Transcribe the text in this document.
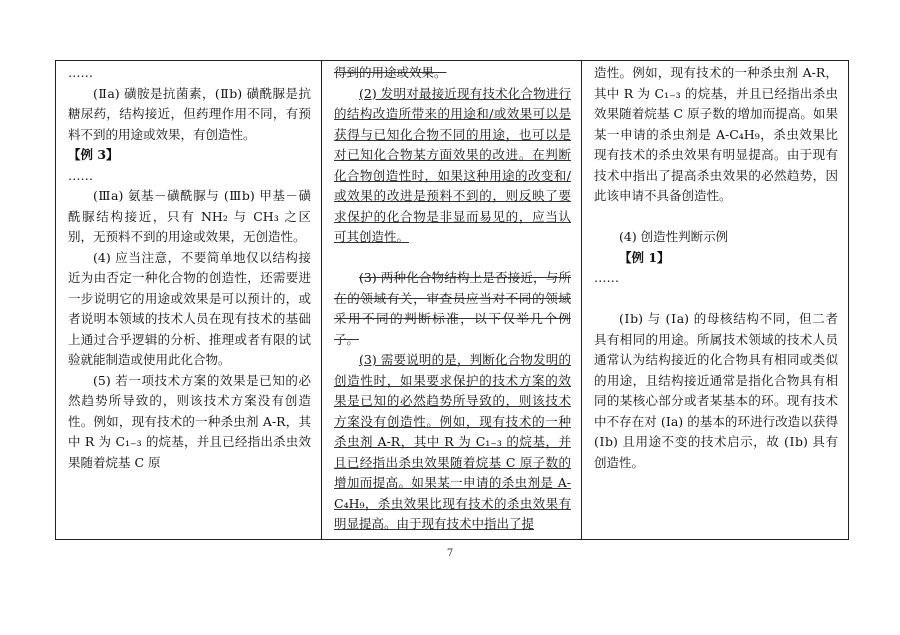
……

(Ⅱa) 磺胺是抗菌素，(Ⅱb) 磺酰脲是抗糖尿药，结构接近，但药理作用不同，有预料不到的用途或效果，有创造性。

【例 3】

……

(Ⅲa) 氨基－磺酰脲与 (Ⅲb) 甲基－磺酰脲结构接近，只有 NH₂ 与 CH₃ 之区别，无预料不到的用途或效果，无创造性。

(4) 应当注意，不要简单地仅以结构接近为由否定一种化合物的创造性，还需要进一步说明它的用途或效果是可以预计的，或者说明本领域的技术人员在现有技术的基础上通过合乎逻辑的分析、推理或者有限的试验就能制造或使用此化合物。

(5) 若一项技术方案的效果是已知的必然趋势所导致的，则该技术方案没有创造性。例如，现有技术的一种杀虫剂 A-R，其中 R 为 C₁₋₃ 的烷基，并且已经指出杀虫效果随着烷基 C 原

得到的用途或效果。

(2) 发明对最接近现有技术化合物进行的结构改造所带来的用途和/或效果可以是获得与已知化合物不同的用途，也可以是对已知化合物某方面效果的改进。在判断化合物创造性时，如果这种用途的改变和/或效果的改进是预料不到的，则反映了要求保护的化合物是非显而易见的，应当认可其创造性。

(3) 两种化合物结构上是否接近，与所在的领域有关，审查员应当对不同的领域采用不同的判断标准，以下仅举几个例子。

(3) 需要说明的是，判断化合物发明的创造性时，如果要求保护的技术方案的效果是已知的必然趋势所导致的，则该技术方案没有创造性。例如，现有技术的一种杀虫剂 A-R，其中 R 为 C₁₋₃ 的烷基，并且已经指出杀虫效果随着烷基 C 原子数的增加而提高。如果某一申请的杀虫剂是 A-C₄H₉，杀虫效果比现有技术的杀虫效果有明显提高。由于现有技术中指出了提

造性。例如，现有技术的一种杀虫剂 A-R，其中 R 为 C₁₋₃ 的烷基，并且已经指出杀虫效果随着烷基 C 原子数的增加而提高。如果某一申请的杀虫剂是 A-C₄H₉，杀虫效果比现有技术的杀虫效果有明显提高。由于现有技术中指出了提高杀虫效果的必然趋势，因此该申请不具备创造性。

(4) 创造性判断示例

【例 1】

……

(Ⅰb) 与 (Ⅰa) 的母核结构不同，但二者具有相同的用途。所属技术领域的技术人员通常认为结构接近的化合物具有相同或类似的用途，且结构接近通常是指化合物具有相同的某核心部分或者某基本的环。现有技术中不存在对 (Ⅰa) 的基本的环进行改造以获得 (Ⅰb) 且用途不变的技术启示，故 (Ⅰb) 具有创造性。

7
